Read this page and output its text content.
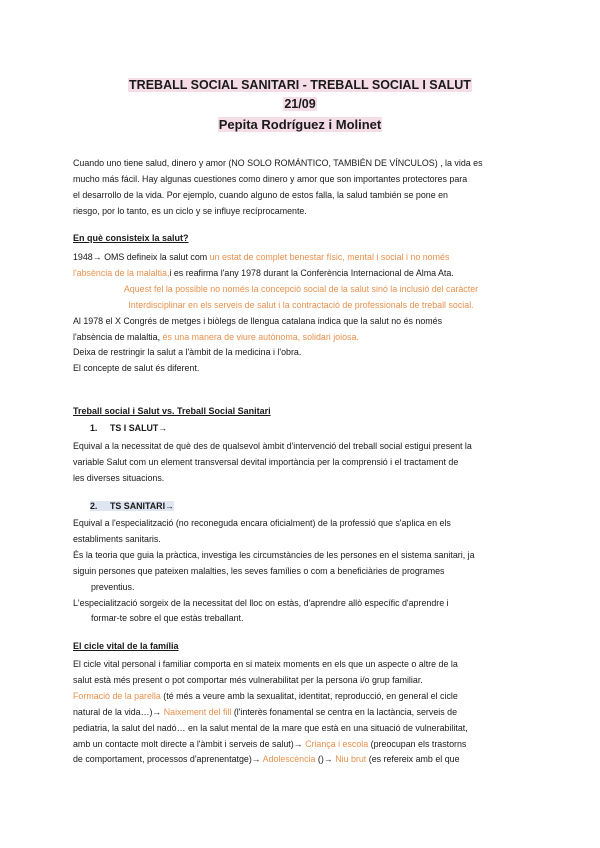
TREBALL SOCIAL SANITARI - TREBALL SOCIAL I SALUT
21/09
Pepita Rodríguez i Molinet

Cuando uno tiene salud, dinero y amor (NO SOLO ROMÁNTICO, TAMBIÉN DE VÍNCULOS) , la vida es

mucho más fácil. Hay algunas cuestiones como dinero y amor que son importantes protectores para

el desarrollo de la vida. Por ejemplo, cuando alguno de estos falla, la salud también se pone en

riesgo, por lo tanto, es un ciclo y se influye recíprocamente.

En què consisteix la salut?

1948→ OMS defineix la salut com un estat de complet benestar físic, mental i social i no només

l'absència de la malaltia,i es reafirma l'any 1978 durant la Conferència Internacional de Alma Ata.

Aquest fel la possible no només la concepció social de la salut sinó la inclusió del caràcter

Interdisciplinar en els serveis de salut i la contractació de professionals de treball social.

Al 1978 el X Congrés de metges i biòlegs de llengua catalana indica que la salut no és només

l'absència de malaltia, és una manera de viure autònoma, solidari joiosa.

Deixa de restringir la salut a l'àmbit de la medicina i l'obra.

El concepte de salut és diferent.

Treball social i Salut vs. Treball Social Sanitari
1. TS I SALUT→

Equival a la necessitat de què des de qualsevol àmbit d'intervenció del treball social estigui present la

variable Salut com un element transversal devital importància per la comprensió i el tractament de

les diverses situacions.

2. TS SANITARI→

Equival a l'especialització (no reconeguda encara oficialment) de la professió que s'aplica en els

establiments sanitaris.

És la teoria que guia la pràctica, investiga les circumstàncies de les persones en el sistema sanitari, ja

siguin persones que pateixen malalties, les seves famílies o com a beneficiàries de programes

preventius.

L'especialització sorgeix de la necessitat del lloc on estàs, d'aprendre allò específic d'aprendre i

formar-te sobre el que estàs treballant.

El cicle vital de la família

El cicle vital personal i familiar comporta en si mateix moments en els que un aspecte o altre de la

salut està més present o pot comportar més vulnerabilitat per la persona i/o grup familiar.

Formació de la parella (té més a veure amb la sexualitat, identitat, reproducció, en general el cicle

natural de la vida…)→ Naixement del fill (l'interès fonamental se centra en la lactància, serveis de

pediatria, la salut del nadó… en la salut mental de la mare que està en una situació de vulnerabilitat,

amb un contacte molt directe a l'àmbit i serveis de salut)→ Criança i escola (preocupan els trastorns

de comportament, processos d'aprenentatge)→ Adolescència ()→ Niu brut (es refereix amb el que
